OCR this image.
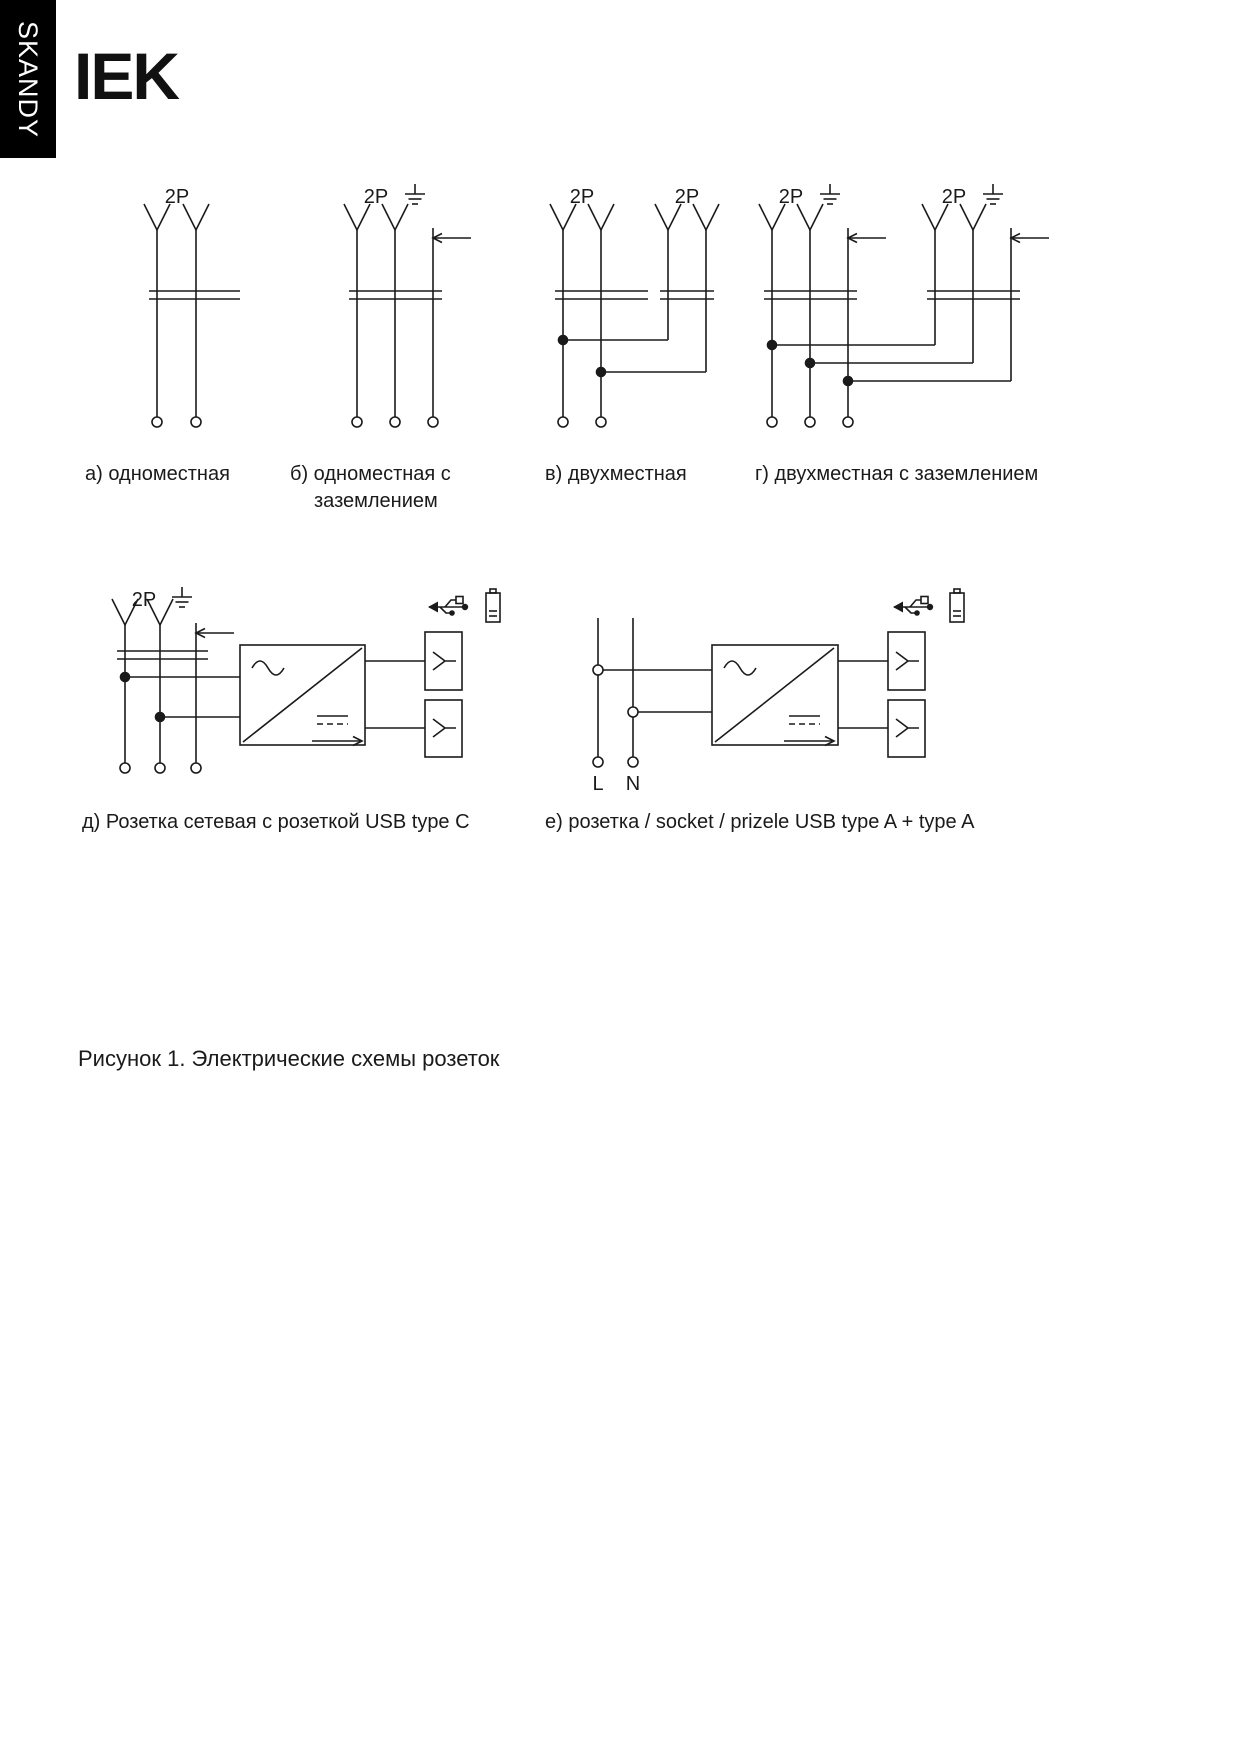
SKANDY IEK
2P	2P	2P	2P	2P	2P
2P
L N
а) одноместная	б) одноместная с
заземлением
в) двухместная	г) двухместная с заземлением
д) Розетка сетевая с розеткой USB type C	е) розетка / socket / prizele USB type A + type A
Рисунок 1. Электрические схемы розеток
